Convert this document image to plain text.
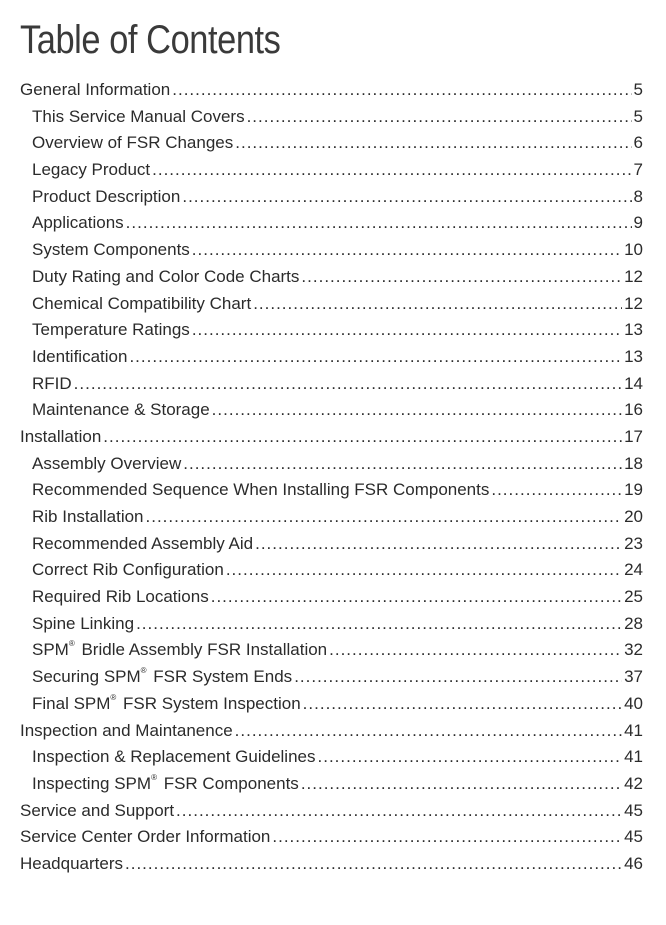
Table of Contents
General Information .....	5
This Service Manual Covers .....	5
Overview of FSR Changes .....	6
Legacy Product .....	7
Product Description .....	8
Applications .....	9
System Components .....	10
Duty Rating and Color Code Charts .....	12
Chemical Compatibility Chart .....	12
Temperature Ratings .....	13
Identification .....	13
RFID .....	14
Maintenance & Storage .....	16
Installation .....	17
Assembly Overview .....	18
Recommended Sequence When Installing FSR Components .....	19
Rib Installation .....	20
Recommended Assembly Aid .....	23
Correct Rib Configuration .....	24
Required Rib Locations .....	25
Spine Linking .....	28
SPM® Bridle Assembly FSR Installation .....	32
Securing SPM® FSR System Ends .....	37
Final SPM® FSR System Inspection .....	40
Inspection and Maintanence .....	41
Inspection & Replacement Guidelines .....	41
Inspecting SPM® FSR Components .....	42
Service and Support .....	45
Service Center Order Information .....	45
Headquarters .....	46
